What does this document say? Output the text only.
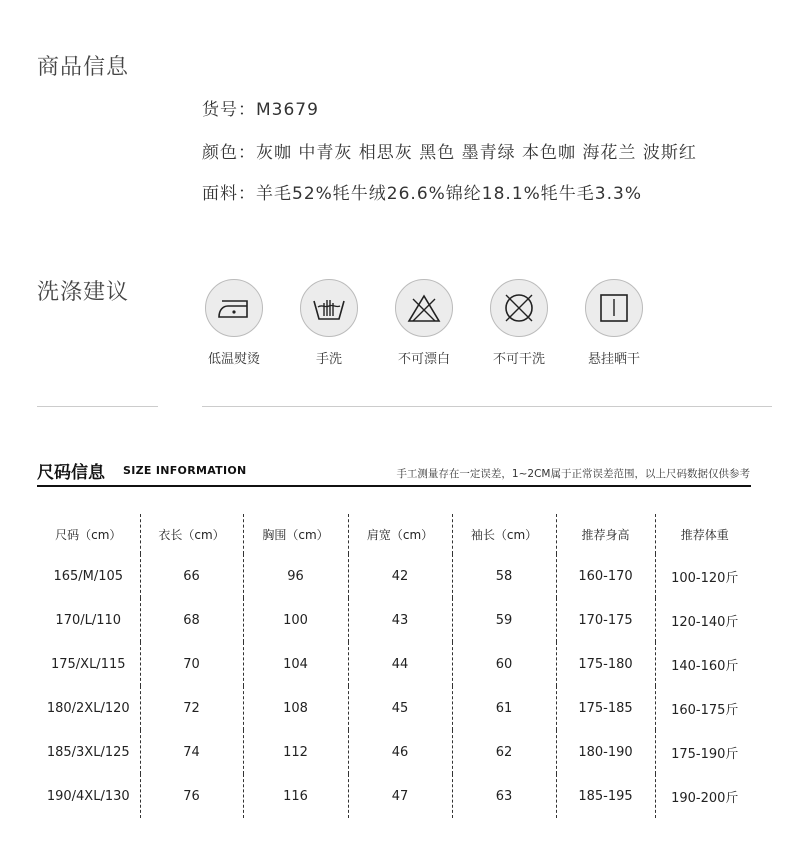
商品信息
货号：M3679
颜色：灰咖 中青灰 相思灰 黑色 墨青绿 本色咖 海花兰 波斯红
面料：羊毛52%牦牛绒26.6%锦纶18.1%牦牛毛3.3%
洗涤建议
低温熨烫	手洗	不可漂白	不可干洗	悬挂晒干
尺码信息 SIZE INFORMATION	手工测量存在一定误差，1~2CM属于正常误差范围，以上尺码数据仅供参考
尺码（cm）	衣长（cm）	胸围（cm）	肩宽（cm）	袖长（cm）	推荐身高	推荐体重
165/M/105	66	96	42	58	160-170	100-120斤
170/L/110	68	100	43	59	170-175	120-140斤
175/XL/115	70	104	44	60	175-180	140-160斤
180/2XL/120	72	108	45	61	175-185	160-175斤
185/3XL/125	74	112	46	62	180-190	175-190斤
190/4XL/130	76	116	47	63	185-195	190-200斤
